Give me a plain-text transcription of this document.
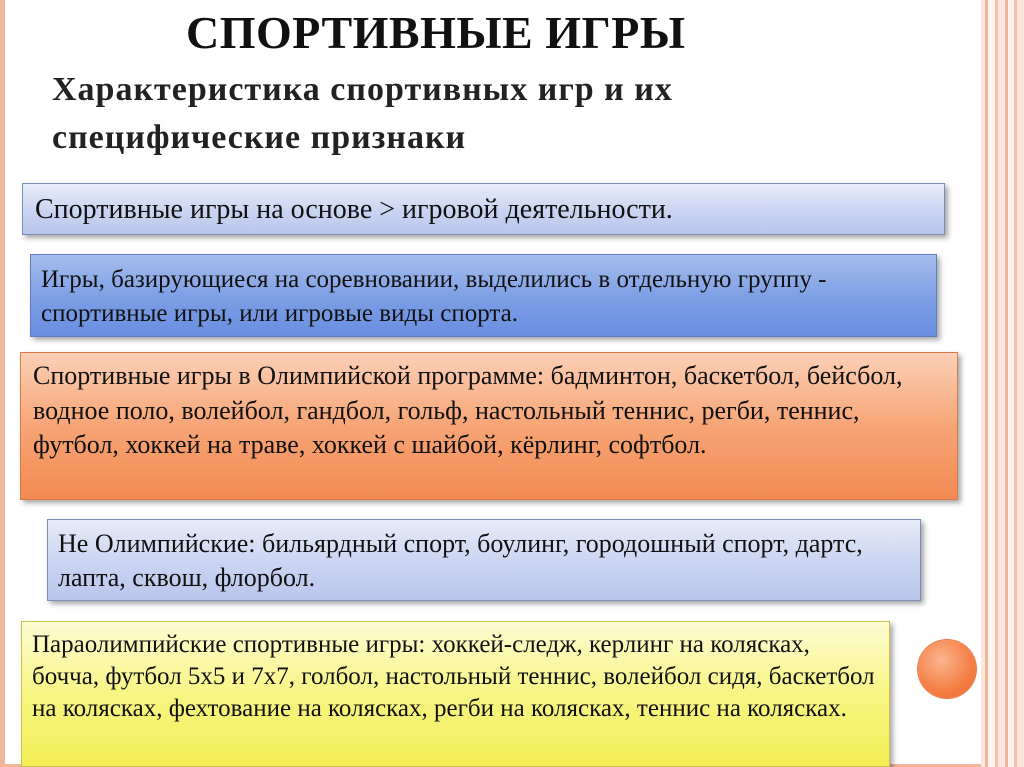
СПОРТИВНЫЕ ИГРЫ
Характеристика спортивных игр и их специфические признаки
Спортивные игры на основе > игровой деятельности.
Игры, базирующиеся на соревновании, выделились в отдельную группу - спортивные игры, или игровые виды спорта.
Спортивные игры в Олимпийской программе: бадминтон, баскетбол, бейсбол, водное поло, волейбол, гандбол, гольф, настольный теннис, регби, теннис, футбол, хоккей на траве, хоккей с шайбой, кёрлинг, софтбол.
Не Олимпийские: бильярдный спорт, боулинг, городошный спорт, дартс, лапта, сквош, флорбол.
Параолимпийские спортивные игры: хоккей-следж, керлинг на колясках, бочча, футбол 5х5 и 7х7, голбол, настольный теннис, волейбол сидя, баскетбол на колясках, фехтование на колясках, регби на колясках, теннис на колясках.
